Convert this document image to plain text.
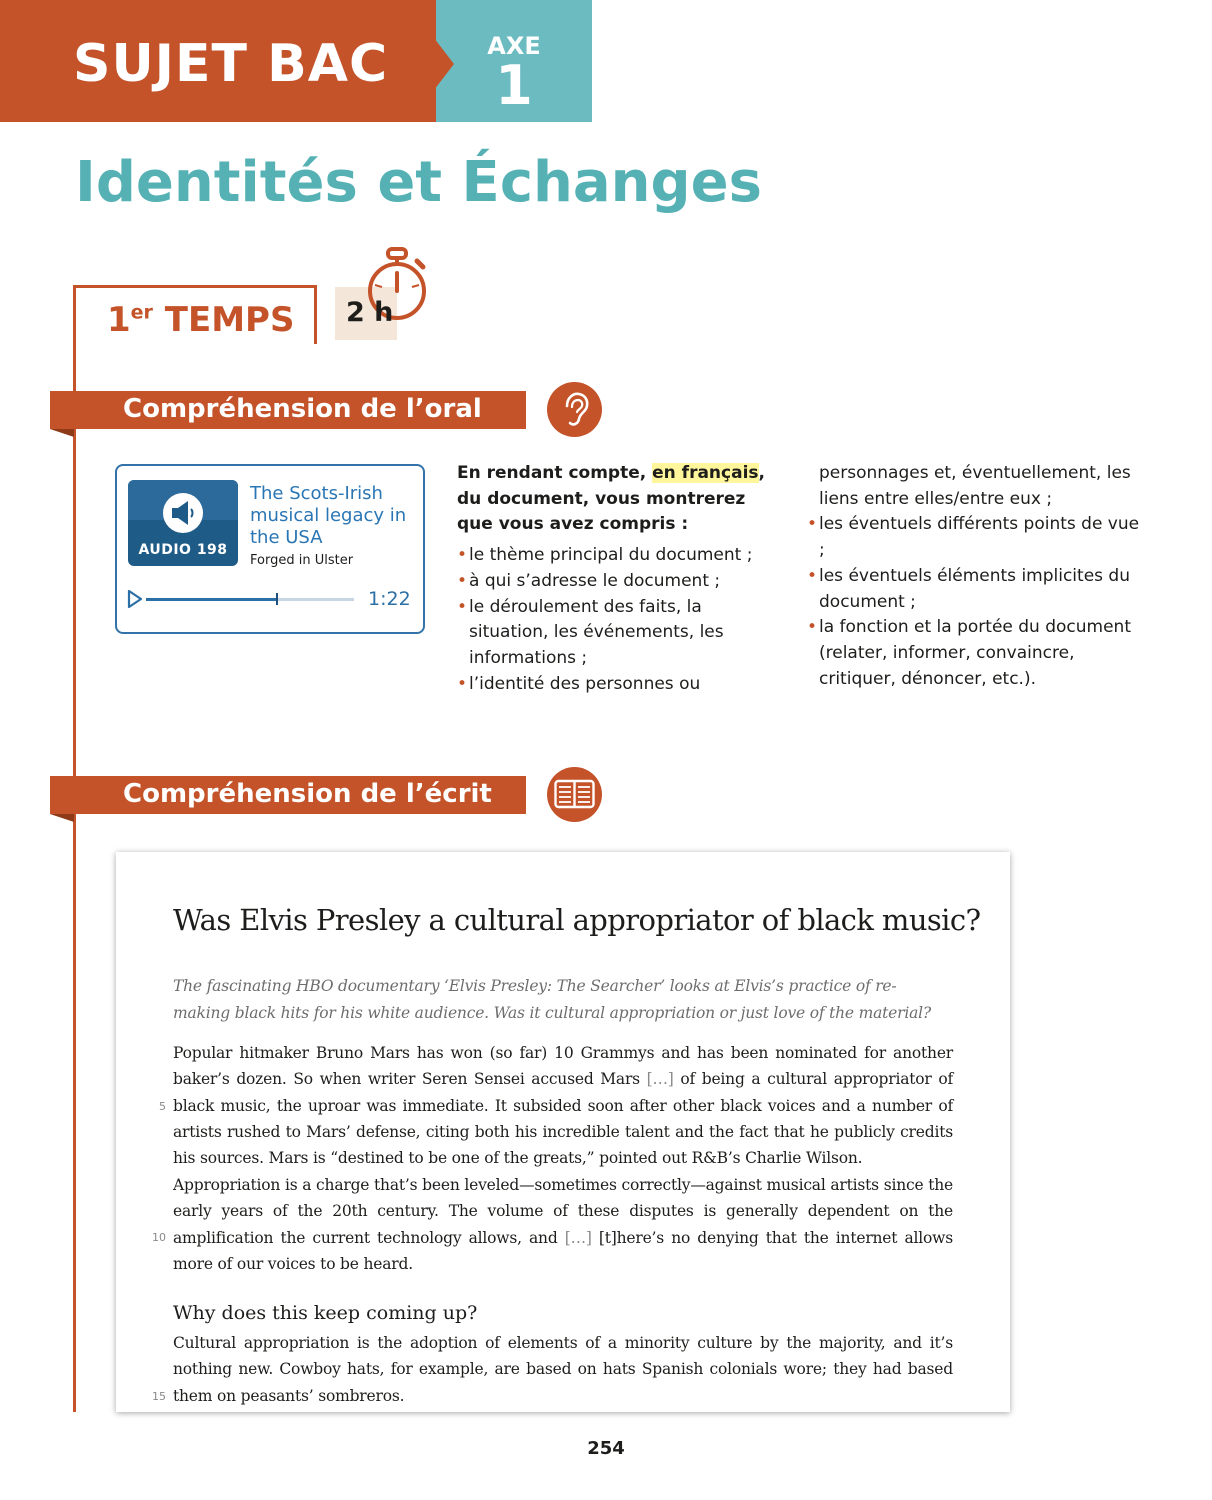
SUJET BAC	AXE
1
Identités et Échanges
1er TEMPS 2 h
Compréhension de l’oral
AUDIO 198
The Scots-Irish musical legacy in the USA
Forged in Ulster
1:22
En rendant compte, en français, du document, vous montrerez que vous avez compris :
• le thème principal du document ;
• à qui s’adresse le document ;
• le déroulement des faits, la situation, les événements, les informations ;
• l’identité des personnes ou
personnages et, éventuellement, les liens entre elles/entre eux ;
• les éventuels différents points de vue ;
• les éventuels éléments implicites du document ;
• la fonction et la portée du document (relater, informer, convaincre, critiquer, dénoncer, etc.).
Compréhension de l’écrit
Was Elvis Presley a cultural appropriator of black music?
The fascinating HBO documentary ‘Elvis Presley: The Searcher’ looks at Elvis’s practice of re-making black hits for his white audience. Was it cultural appropriation or just love of the material?
Popular hitmaker Bruno Mars has won (so far) 10 Grammys and has been nominated for another baker’s dozen. So when writer Seren Sensei accused Mars […] of being a cultural appropriator of black music, the uproar was immediate. It subsided soon after other black voices and a number of artists rushed to Mars’ defense, citing both his incredible talent and the fact that he publicly credits his sources. Mars is “destined to be one of the greats,” pointed out R&B’s Charlie Wilson.
Appropriation is a charge that’s been leveled—sometimes correctly—against musical artists since the early years of the 20th century. The volume of these disputes is generally dependent on the amplification the current technology allows, and […] [t]here’s no denying that the internet allows more of our voices to be heard.
Why does this keep coming up?
Cultural appropriation is the adoption of elements of a minority culture by the majority, and it’s nothing new. Cowboy hats, for example, are based on hats Spanish colonials wore; they had based them on peasants’ sombreros.
5
10
15
254
